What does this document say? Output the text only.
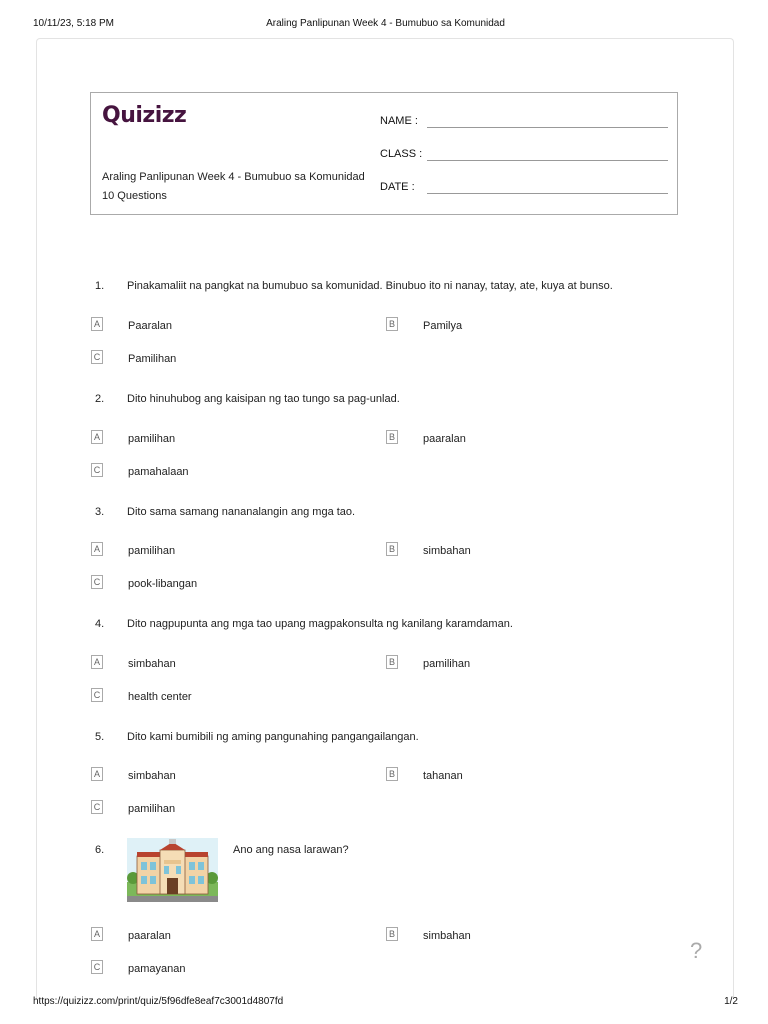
10/11/23, 5:18 PM	Araling Panlipunan Week 4 - Bumubuo sa Komunidad
Quizizz
Araling Panlipunan Week 4 - Bumubuo sa Komunidad
10 Questions
NAME :
CLASS :
DATE :
1. Pinakamaliit na pangkat na bumubuo sa komunidad. Binubuo ito ni nanay, tatay, ate, kuya at bunso.
A	Paaralan	B	Pamilya
C	Pamilihan
2. Dito hinuhubog ang kaisipan ng tao tungo sa pag-unlad.
A	pamilihan	B	paaralan
C	pamahalaan
3. Dito sama samang nananalangin ang mga tao.
A	pamilihan	B	simbahan
C	pook-libangan
4. Dito nagpupunta ang mga tao upang magpakonsulta ng kanilang karamdaman.
A	simbahan	B	pamilihan
C	health center
5. Dito kami bumibili ng aming pangunahing pangangailangan.
A	simbahan	B	tahanan
C	pamilihan
6.	Ano ang nasa larawan?
A	paaralan	B	simbahan
C	pamayanan
?
https://quizizz.com/print/quiz/5f96dfe8eaf7c3001d4807fd	1/2
